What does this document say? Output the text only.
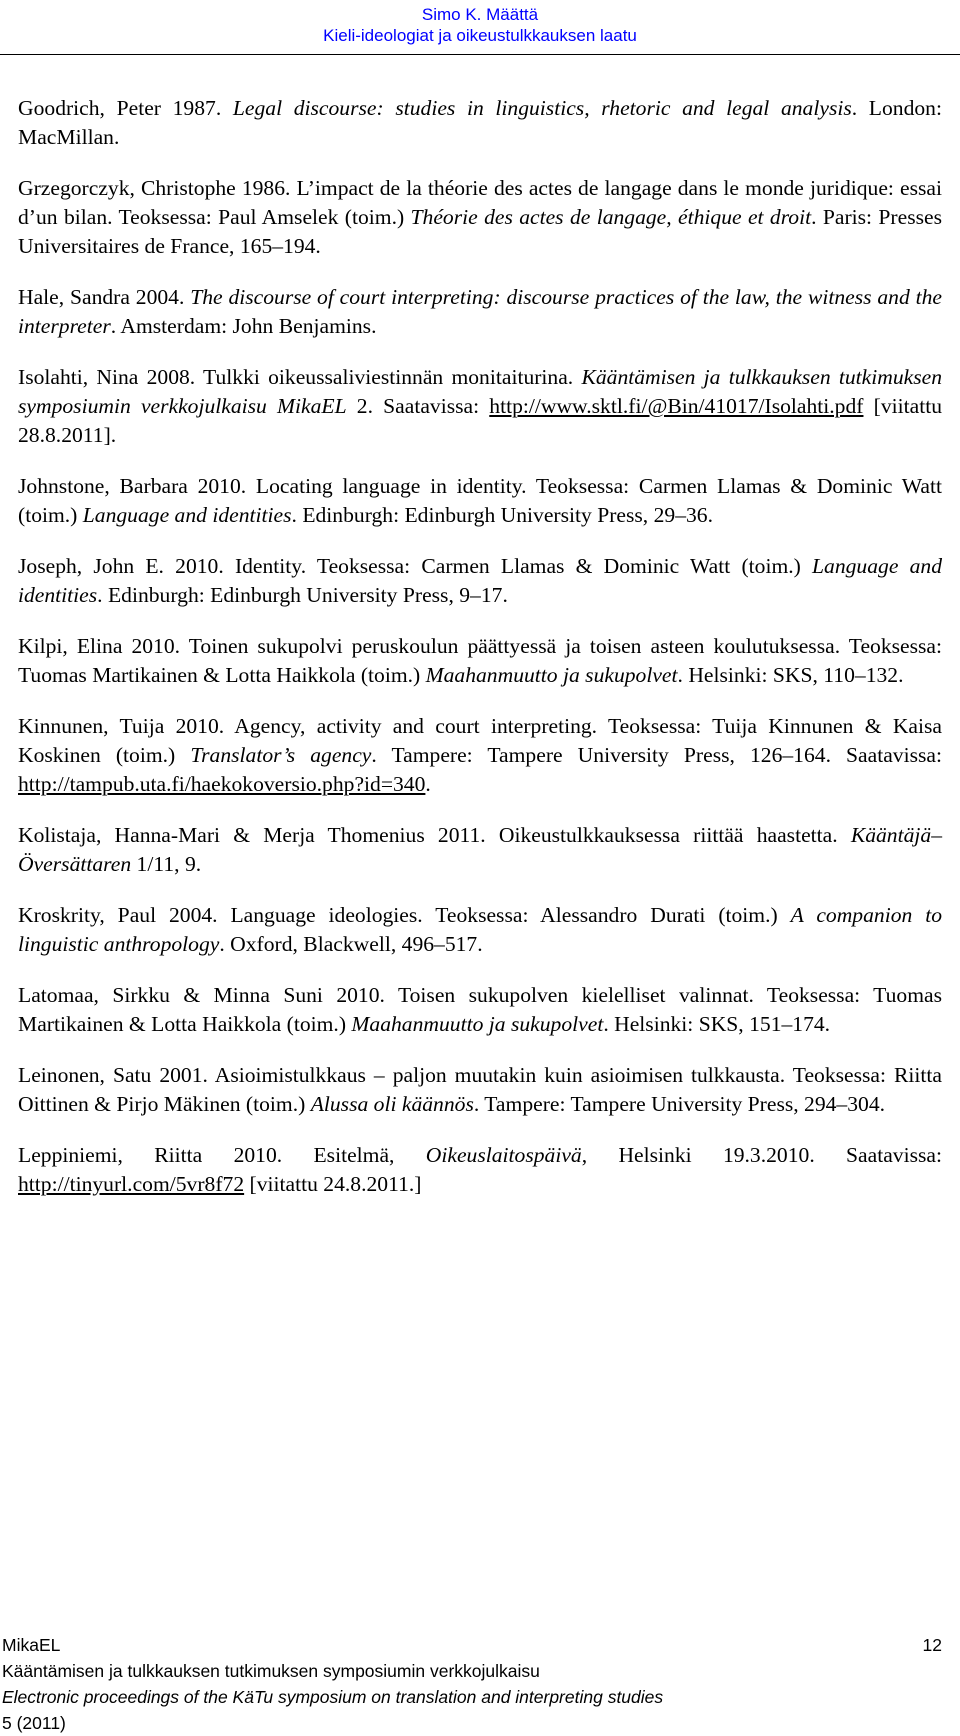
Simo K. Määttä
Kieli-ideologiat ja oikeustulkkauksen laatu

Goodrich, Peter 1987. Legal discourse: studies in linguistics, rhetoric and legal analysis. London: MacMillan.

Grzegorczyk, Christophe 1986. L’impact de la théorie des actes de langage dans le monde juridique: essai d’un bilan. Teoksessa: Paul Amselek (toim.) Théorie des actes de langage, éthique et droit. Paris: Presses Universitaires de France, 165–194.

Hale, Sandra 2004. The discourse of court interpreting: discourse practices of the law, the witness and the interpreter. Amsterdam: John Benjamins.

Isolahti, Nina 2008. Tulkki oikeussaliviestinnän monitaiturina. Kääntämisen ja tulkkauksen tutkimuksen symposiumin verkkojulkaisu MikaEL 2. Saatavissa: http://www.sktl.fi/@Bin/41017/Isolahti.pdf [viitattu 28.8.2011].

Johnstone, Barbara 2010. Locating language in identity. Teoksessa: Carmen Llamas & Dominic Watt (toim.) Language and identities. Edinburgh: Edinburgh University Press, 29–36.

Joseph, John E. 2010. Identity. Teoksessa: Carmen Llamas & Dominic Watt (toim.) Language and identities. Edinburgh: Edinburgh University Press, 9–17.

Kilpi, Elina 2010. Toinen sukupolvi peruskoulun päättyessä ja toisen asteen koulutuksessa. Teoksessa: Tuomas Martikainen & Lotta Haikkola (toim.) Maahanmuutto ja sukupolvet. Helsinki: SKS, 110–132.

Kinnunen, Tuija 2010. Agency, activity and court interpreting. Teoksessa: Tuija Kinnunen & Kaisa Koskinen (toim.) Translator’s agency. Tampere: Tampere University Press, 126–164. Saatavissa: http://tampub.uta.fi/haekokoversio.php?id=340.

Kolistaja, Hanna-Mari & Merja Thomenius 2011. Oikeustulkkauksessa riittää haastetta. Kääntäjä–Översättaren 1/11, 9.

Kroskrity, Paul 2004. Language ideologies. Teoksessa: Alessandro Durati (toim.) A companion to linguistic anthropology. Oxford, Blackwell, 496–517.

Latomaa, Sirkku & Minna Suni 2010. Toisen sukupolven kielelliset valinnat. Teoksessa: Tuomas Martikainen & Lotta Haikkola (toim.) Maahanmuutto ja sukupolvet. Helsinki: SKS, 151–174.

Leinonen, Satu 2001. Asioimistulkkaus – paljon muutakin kuin asioimisen tulkkausta. Teoksessa: Riitta Oittinen & Pirjo Mäkinen (toim.) Alussa oli käännös. Tampere: Tampere University Press, 294–304.

Leppiniemi, Riitta 2010. Esitelmä, Oikeuslaitospäivä, Helsinki 19.3.2010. Saatavissa: http://tinyurl.com/5vr8f72 [viitattu 24.8.2011.]

MikaEL	12
Kääntämisen ja tulkkauksen tutkimuksen symposiumin verkkojulkaisu
Electronic proceedings of the KäTu symposium on translation and interpreting studies
5 (2011)
